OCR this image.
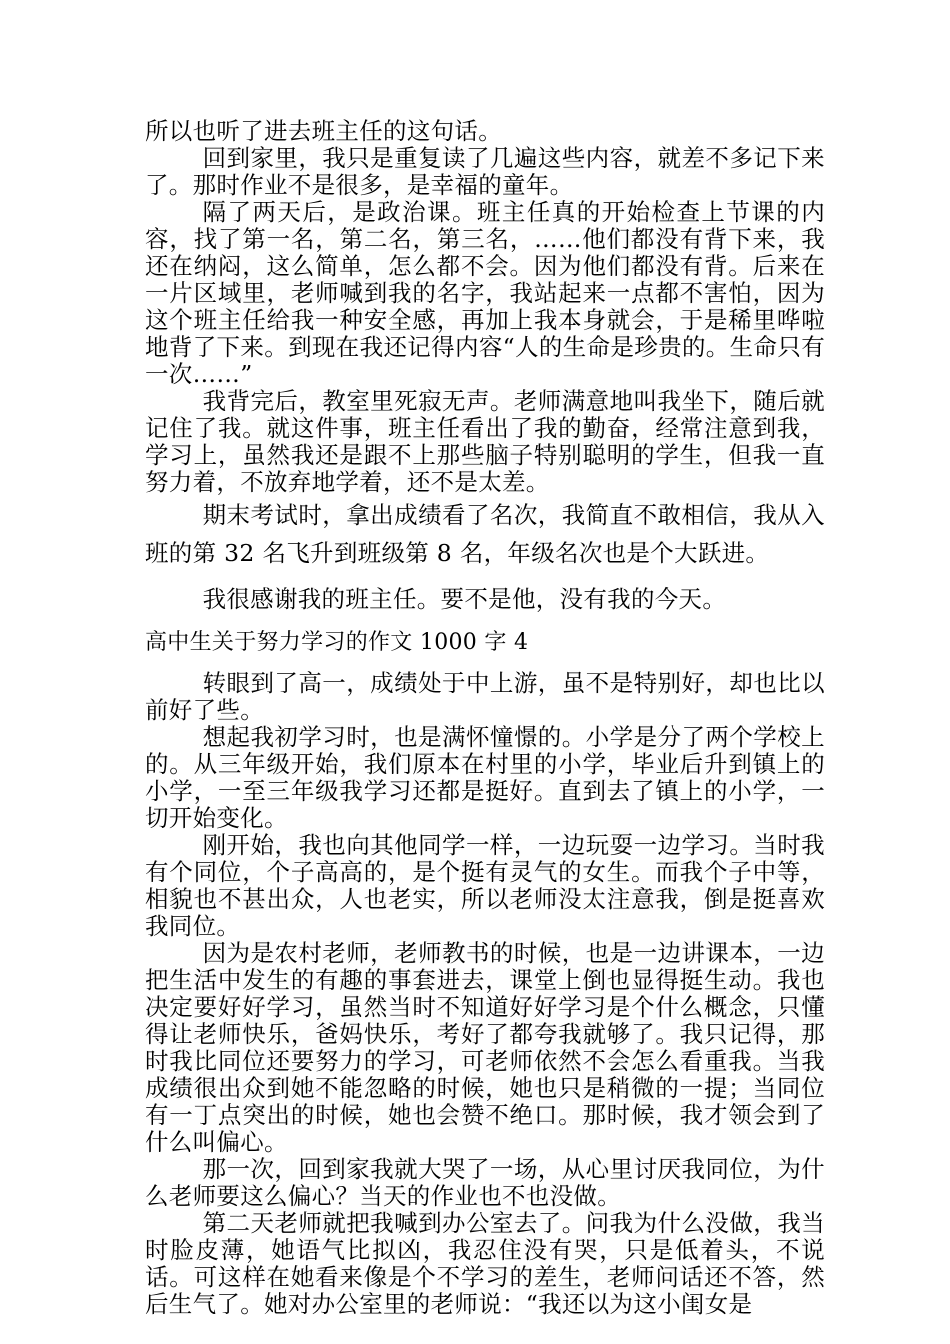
所以也听了进去班主任的这句话。

回到家里，我只是重复读了几遍这些内容，就差不多记下来了。那时作业不是很多，是幸福的童年。

隔了两天后，是政治课。班主任真的开始检查上节课的内容，找了第一名，第二名，第三名，……他们都没有背下来，我还在纳闷，这么简单，怎么都不会。因为他们都没有背。后来在一片区域里，老师喊到我的名字，我站起来一点都不害怕，因为这个班主任给我一种安全感，再加上我本身就会，于是稀里哗啦地背了下来。到现在我还记得内容“人的生命是珍贵的。生命只有一次……”

我背完后，教室里死寂无声。老师满意地叫我坐下，随后就记住了我。就这件事，班主任看出了我的勤奋，经常注意到我，学习上，虽然我还是跟不上那些脑子特别聪明的学生，但我一直努力着，不放弃地学着，还不是太差。

期末考试时，拿出成绩看了名次，我简直不敢相信，我从入班的第 32 名飞升到班级第 8 名，年级名次也是个大跃进。

我很感谢我的班主任。要不是他，没有我的今天。

高中生关于努力学习的作文 1000 字 4

转眼到了高一，成绩处于中上游，虽不是特别好，却也比以前好了些。

想起我初学习时，也是满怀憧憬的。小学是分了两个学校上的。从三年级开始，我们原本在村里的小学，毕业后升到镇上的小学，一至三年级我学习还都是挺好。直到去了镇上的小学，一切开始变化。

刚开始，我也向其他同学一样，一边玩耍一边学习。当时我有个同位，个子高高的，是个挺有灵气的女生。而我个子中等，相貌也不甚出众，人也老实，所以老师没太注意我，倒是挺喜欢我同位。

因为是农村老师，老师教书的时候，也是一边讲课本，一边把生活中发生的有趣的事套进去，课堂上倒也显得挺生动。我也决定要好好学习，虽然当时不知道好好学习是个什么概念，只懂得让老师快乐，爸妈快乐，考好了都夸我就够了。我只记得，那时我比同位还要努力的学习，可老师依然不会怎么看重我。当我成绩很出众到她不能忽略的时候，她也只是稍微的一提；当同位有一丁点突出的时候，她也会赞不绝口。那时候，我才领会到了什么叫偏心。

那一次，回到家我就大哭了一场，从心里讨厌我同位，为什么老师要这么偏心？当天的作业也不也没做。

第二天老师就把我喊到办公室去了。问我为什么没做，我当时脸皮薄，她语气比拟凶，我忍住没有哭，只是低着头，不说话。可这样在她看来像是个不学习的差生，老师问话还不答，然后生气了。她对办公室里的老师说：“我还以为这小闺女是
